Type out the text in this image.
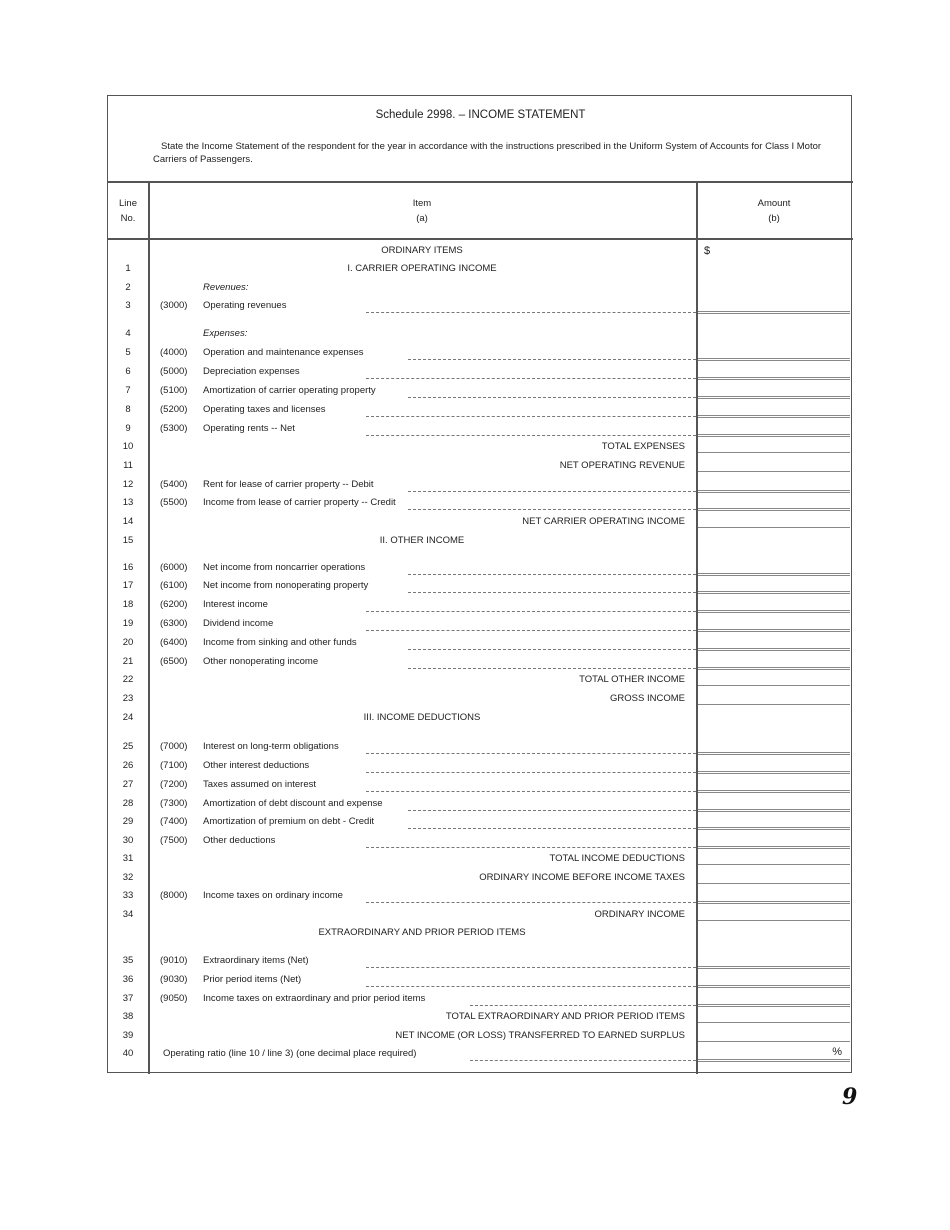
Schedule 2998. – INCOME STATEMENT
State the Income Statement of the respondent for the year in accordance with the instructions prescribed in the Uniform System of Accounts for Class I Motor Carriers of Passengers.
Line
No.
Item
(a)
Amount
(b)
ORDINARY ITEMS	$
1	I. CARRIER OPERATING INCOME
2	Revenues:
3	(3000) Operating revenues
4	Expenses:
5	(4000) Operation and maintenance expenses
6	(5000) Depreciation expenses
7	(5100) Amortization of carrier operating property
8	(5200) Operating taxes and licenses
9	(5300) Operating rents -- Net
10	TOTAL EXPENSES
11	NET OPERATING REVENUE
12	(5400) Rent for lease of carrier property -- Debit
13	(5500) Income from lease of carrier property -- Credit
14	NET CARRIER OPERATING INCOME
15	II. OTHER INCOME
16	(6000) Net income from noncarrier operations
17	(6100) Net income from nonoperating property
18	(6200) Interest income
19	(6300) Dividend income
20	(6400) Income from sinking and other funds
21	(6500) Other nonoperating income
22	TOTAL OTHER INCOME
23	GROSS INCOME
24	III. INCOME DEDUCTIONS
25	(7000) Interest on long-term obligations
26	(7100) Other interest deductions
27	(7200) Taxes assumed on interest
28	(7300) Amortization of debt discount and expense
29	(7400) Amortization of premium on debt - Credit
30	(7500) Other deductions
31	TOTAL INCOME DEDUCTIONS
32	ORDINARY INCOME BEFORE INCOME TAXES
33	(8000) Income taxes on ordinary income
34	ORDINARY INCOME
EXTRAORDINARY AND PRIOR PERIOD ITEMS
35	(9010) Extraordinary items (Net)
36	(9030) Prior period items (Net)
37	(9050) Income taxes on extraordinary and prior period items
38	TOTAL EXTRAORDINARY AND PRIOR PERIOD ITEMS
39	NET INCOME (OR LOSS) TRANSFERRED TO EARNED SURPLUS
40	Operating ratio (line 10 / line 3) (one decimal place required)	%
9
